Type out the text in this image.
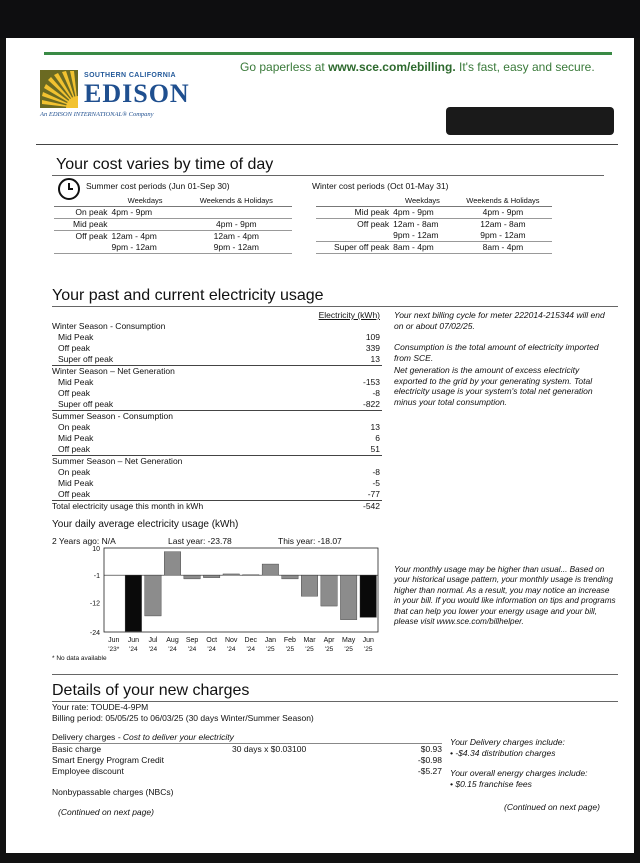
SOUTHERN CALIFORNIA
EDISON
An EDISON INTERNATIONAL® Company
Go paperless at www.sce.com/ebilling. It's fast, easy and secure.
Your cost varies by time of day
Summer cost periods (Jun 01-Sep 30)	Winter cost periods (Oct 01-May 31)
	Weekdays	Weekends & Holidays
On peak	4pm - 9pm	
Mid peak		4pm - 9pm
Off peak	12am - 4pm	12am - 4pm
	9pm - 12am	9pm - 12am
	Weekdays	Weekends & Holidays
Mid peak	4pm - 9pm	4pm - 9pm
Off peak	12am - 8am	12am - 8am
	9pm - 12am	9pm - 12am
Super off peak	8am - 4pm	8am - 4pm
Your past and current electricity usage
Electricity (kWh)
Winter Season - Consumption	
Mid Peak	109
Off peak	339
Super off peak	13
Winter Season – Net Generation	
Mid Peak	-153
Off peak	-8
Super off peak	-822
Summer Season - Consumption	
On peak	13
Mid Peak	6
Off peak	51
Summer Season – Net Generation	
On peak	-8
Mid Peak	-5
Off peak	-77
Total electricity usage this month in kWh	-542
Your next billing cycle for meter 222014-215344 will end on or about 07/02/25.
Consumption is the total amount of electricity imported from SCE.
Net generation is the amount of excess electricity exported to the grid by your generating system. Total electricity usage is your system's total net generation minus your total consumption.
Your daily average electricity usage (kWh)
2 Years ago: N/A	Last year: -23.78	This year: -18.07
10
-1
-12
-24
Jun
'23*
Jun
'24
Jul
'24
Aug
'24
Sep
'24
Oct
'24
Nov
'24
Dec
'24
Jan
'25
Feb
'25
Mar
'25
Apr
'25
May
'25
Jun
'25
* No data available
Your monthly usage may be higher than usual... Based on your historical usage pattern, your monthly usage is trending higher than normal. As a result, you may notice an increase in your bill. If you would like information on tips and programs that can help you lower your energy usage and your bill, please visit www.sce.com/billhelper.
Details of your new charges
Your rate: TOUDE-4-9PM
Billing period: 05/05/25 to 06/03/25 (30 days Winter/Summer Season)
Delivery charges - Cost to deliver your electricity
Basic charge	30 days x $0.03100	$0.93
Smart Energy Program Credit		-$0.98
Employee discount		-$5.27
Nonbypassable charges (NBCs)
(Continued on next page)
Your Delivery charges include:
• -$4.34 distribution charges
Your overall energy charges include:
• $0.15 franchise fees
(Continued on next page)
